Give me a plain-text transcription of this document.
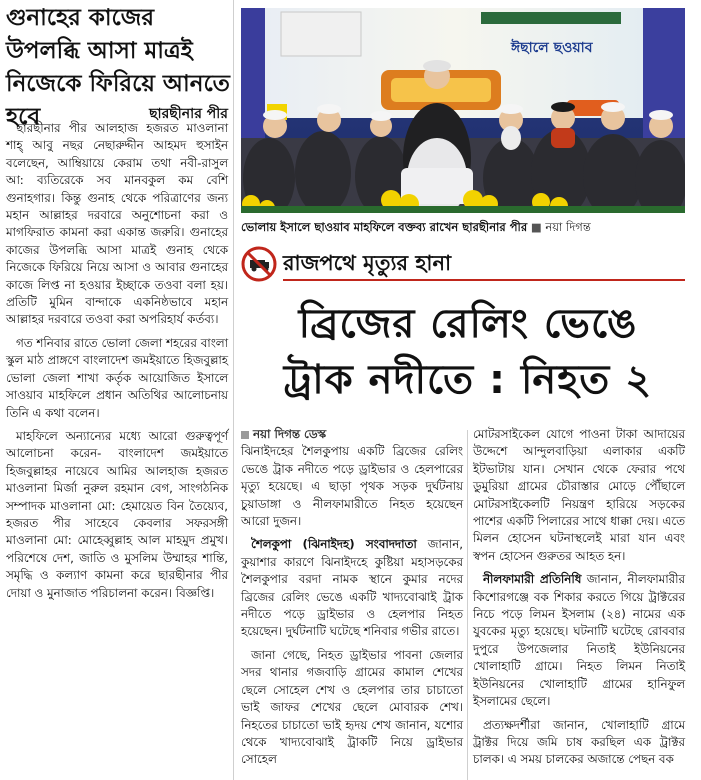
গুনাহের কাজের উপলব্ধি আসা মাত্রই নিজেকে ফিরিয়ে আনতে হবে	ছারছীনার পীর

ছারছীনার পীর আলহাজ হজরত মাওলানা শাহ্ আবু নছর নেছারুদ্দীন আহমদ হুসাইন বলেছেন, আম্বিয়ায়ে কেরাম তথা নবী-রাসুল আ: ব্যতিরেকে সব মানবকুল কম বেশি গুনাহগার। কিন্তু গুনাহ থেকে পরিত্রাণের জন্য মহান আল্লাহর দরবারে অনুশোচনা করা ও মাগফিরাত কামনা করা একান্ত জরুরি। গুনাহের কাজের উপলব্ধি আসা মাত্রই গুনাহ থেকে নিজেকে ফিরিয়ে নিয়ে আসা ও আবার গুনাহের কাজে লিপ্ত না হওয়ার ইচ্ছাকে তওবা বলা হয়। প্রতিটি মুমিন বান্দাকে একনিষ্ঠভাবে মহান আল্লাহর দরবারে তওবা করা অপরিহার্য কর্তব্য।

গত শনিবার রাতে ভোলা জেলা শহরের বাংলা স্কুল মাঠ প্রাঙ্গণে বাংলাদেশ জমইয়াতে হিজবুল্লাহ ভোলা জেলা শাখা কর্তৃক আয়োজিত ইসালে সাওয়াব মাহফিলে প্রধান অতিথির আলোচনায় তিনি এ কথা বলেন।

মাহফিলে অন্যান্যের মধ্যে আরো গুরুত্বপূর্ণ আলোচনা করেন- বাংলাদেশ জমইয়াতে হিজবুল্লাহর নায়েবে আমির আলহাজ হজরত মাওলানা মির্জা নুরুল রহমান বেগ, সাংগঠনিক সম্পাদক মাওলানা মো: হেমায়েত বিন তৈয়্যেব, হজরত পীর সাহেবে কেবলার সফরসঙ্গী মাওলানা মো: মোহেব্বুল্লাহ আল মাহমুদ প্রমুখ। পরিশেষে দেশ, জাতি ও মুসলিম উম্মাহর শান্তি, সমৃদ্ধি ও কল্যাণ কামনা করে ছারছীনার পীর দোয়া ও মুনাজাত পরিচালনা করেন। বিজ্ঞপ্তি।

ঈছালে ছওয়াব
ভোলায় ইসালে ছাওয়াব মাহফিলে বক্তব্য রাখেন ছারছীনার পীর ■ নয়া দিগন্ত
রাজপথে মৃত্যুর হানা
ব্রিজের রেলিং ভেঙে
ট্রাক নদীতে : নিহত ২
নয়া দিগন্ত ডেস্ক

ঝিনাইদহের শৈলকুপায় একটি ব্রিজের রেলিং ভেঙে ট্রাক নদীতে পড়ে ড্রাইভার ও হেলপারের মৃত্যু হয়েছে। এ ছাড়া পৃথক সড়ক দুর্ঘটনায় চুয়াডাঙ্গা ও নীলফামারীতে নিহত হয়েছেন আরো দুজন।

শৈলকুপা (ঝিনাইদহ) সংবাদদাতা জানান, কুয়াশার কারণে ঝিনাইদহে কুষ্টিয়া মহাসড়কের শৈলকুপার বরদা নামক স্থানে কুমার নদের ব্রিজের রেলিং ভেঙে একটি খাদ্যবোঝাই ট্রাক নদীতে পড়ে ড্রাইভার ও হেলপার নিহত হয়েছেন। দুর্ঘটনাটি ঘটেছে শনিবার গভীর রাতে।

জানা গেছে, নিহত ড্রাইভার পাবনা জেলার সদর থানার গজবাড়ি গ্রামের কামাল শেখের ছেলে সোহেল শেখ ও হেলপার তার চাচাতো ভাই জাফর শেখের ছেলে মোবারক শেখ। নিহতের চাচাতো ভাই হৃদয় শেখ জানান, যশোর থেকে খাদ্যবোঝাই ট্রাকটি নিয়ে ড্রাইভার সোহেল

মোটরসাইকেল যোগে পাওনা টাকা আদায়ের উদ্দেশে আন্দুলবাড়িয়া এলাকার একটি ইটভাটায় যান। সেখান থেকে ফেরার পথে ডুমুরিয়া গ্রামের চৌরাস্তার মোড়ে পৌঁছালে মোটরসাইকেলটি নিয়ন্ত্রণ হারিয়ে সড়কের পাশের একটি পিলারের সাথে ধাক্কা দেয়। এতে মিলন হোসেন ঘটনাস্থলেই মারা যান এবং স্বপন হোসেন গুরুতর আহত হন।

নীলফামারী প্রতিনিধি জানান, নীলফামারীর কিশোরগঞ্জে বক শিকার করতে গিয়ে ট্রাক্টরের নিচে পড়ে লিমন ইসলাম (২৪) নামের এক যুবকের মৃত্যু হয়েছে। ঘটনাটি ঘটেছে রোববার দুপুরে উপজেলার নিতাই ইউনিয়নের খোলাহাটি গ্রামে। নিহত লিমন নিতাই ইউনিয়নের খোলাহাটি গ্রামের হানিফুল ইসলামের ছেলে।

প্রত্যক্ষদর্শীরা জানান, খোলাহাটি গ্রামে ট্রাক্টর দিয়ে জমি চাষ করছিল এক ট্রাক্টর চালক। এ সময় চালকের অজান্তে পেছন বক
